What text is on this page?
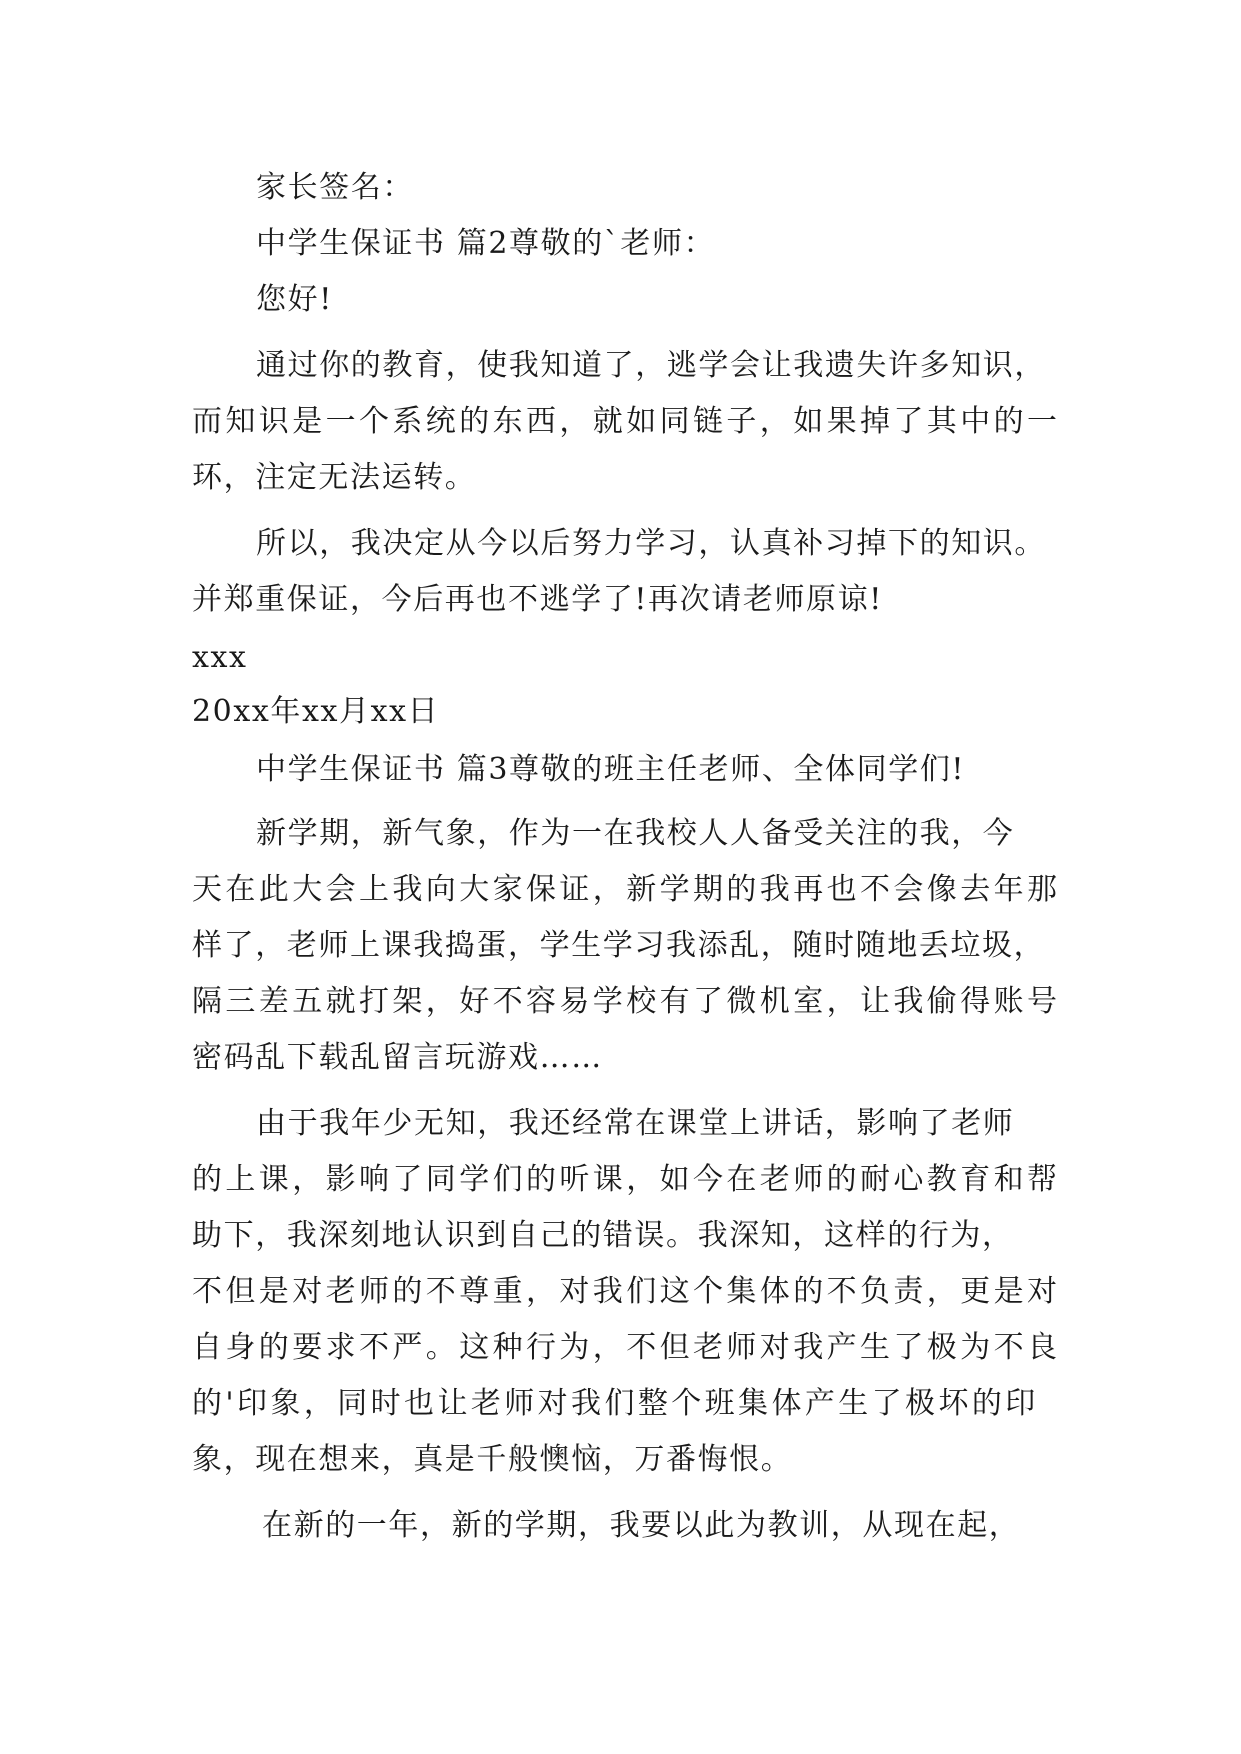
家长签名：
中学生保证书 篇2尊敬的`老师：
您好!
通过你的教育，使我知道了，逃学会让我遗失许多知识，
而知识是一个系统的东西，就如同链子，如果掉了其中的一
环，注定无法运转。
所以，我决定从今以后努力学习，认真补习掉下的知识。
并郑重保证，今后再也不逃学了!再次请老师原谅!
xxx
20xx年xx月xx日
中学生保证书 篇3尊敬的班主任老师、全体同学们!
新学期，新气象，作为一在我校人人备受关注的我，今
天在此大会上我向大家保证，新学期的我再也不会像去年那
样了，老师上课我捣蛋，学生学习我添乱，随时随地丢垃圾，
隔三差五就打架，好不容易学校有了微机室，让我偷得账号
密码乱下载乱留言玩游戏……
由于我年少无知，我还经常在课堂上讲话，影响了老师
的上课，影响了同学们的听课，如今在老师的耐心教育和帮
助下，我深刻地认识到自己的错误。我深知，这样的行为，
不但是对老师的不尊重，对我们这个集体的不负责，更是对
自身的要求不严。这种行为，不但老师对我产生了极为不良
的'印象，同时也让老师对我们整个班集体产生了极坏的印
象，现在想来，真是千般懊恼，万番悔恨。
在新的一年，新的学期，我要以此为教训，从现在起，
